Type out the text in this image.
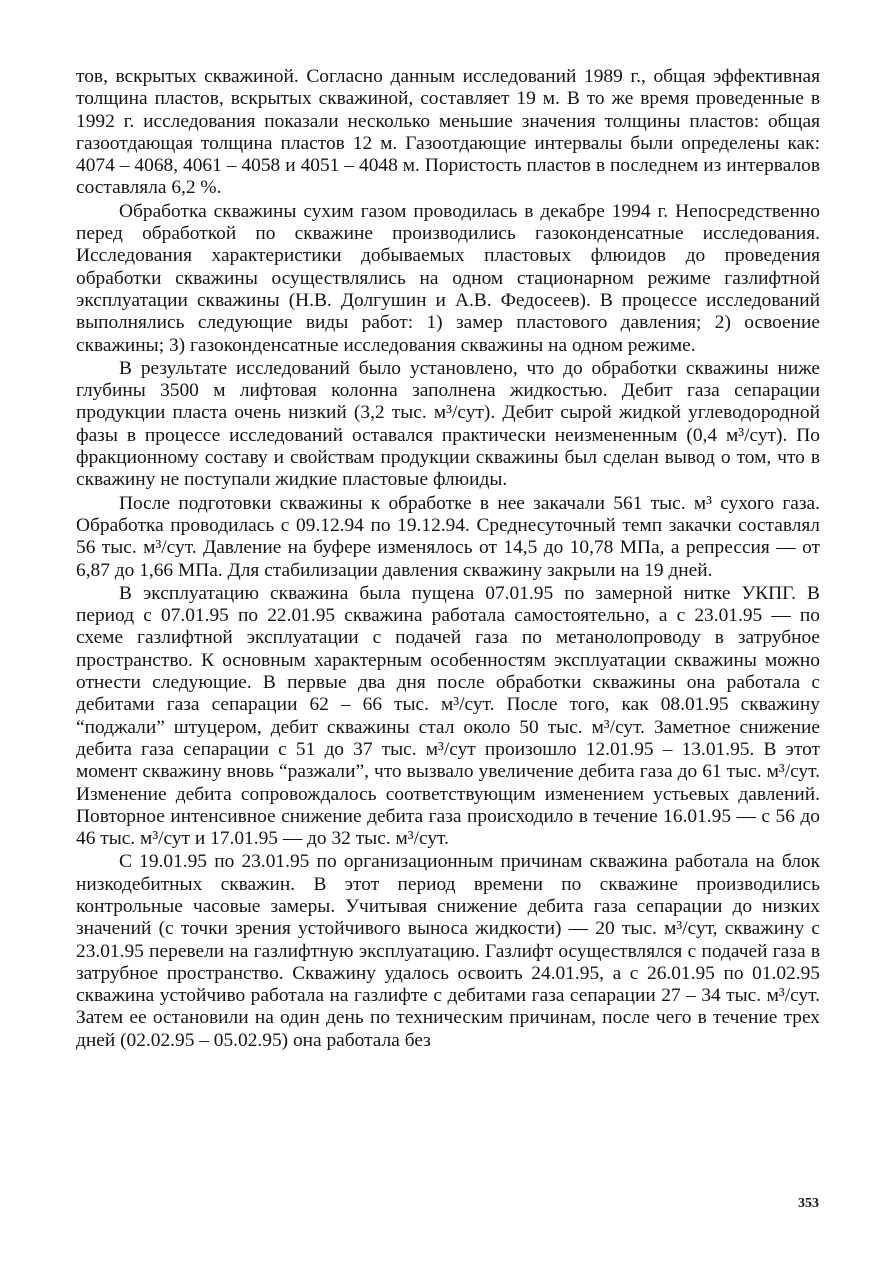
тов, вскрытых скважиной. Согласно данным исследований 1989 г., общая эффективная толщина пластов, вскрытых скважиной, составляет 19 м. В то же время проведенные в 1992 г. исследования показали несколько меньшие значения толщины пластов: общая газоотдающая толщина пластов 12 м. Газоотдающие интервалы были определены как: 4074 – 4068, 4061 – 4058 и 4051 – 4048 м. Пористость пластов в последнем из интервалов составляла 6,2 %.

Обработка скважины сухим газом проводилась в декабре 1994 г. Непосредственно перед обработкой по скважине производились газоконденсатные исследования. Исследования характеристики добываемых пластовых флюидов до проведения обработки скважины осуществлялись на одном стационарном режиме газлифтной эксплуатации скважины (Н.В. Долгушин и А.В. Федосеев). В процессе исследований выполнялись следующие виды работ: 1) замер пластового давления; 2) освоение скважины; 3) газоконденсатные исследования скважины на одном режиме.

В результате исследований было установлено, что до обработки скважины ниже глубины 3500 м лифтовая колонна заполнена жидкостью. Дебит газа сепарации продукции пласта очень низкий (3,2 тыс. м³/сут). Дебит сырой жидкой углеводородной фазы в процессе исследований оставался практически неизмененным (0,4 м³/сут). По фракционному составу и свойствам продукции скважины был сделан вывод о том, что в скважину не поступали жидкие пластовые флюиды.

После подготовки скважины к обработке в нее закачали 561 тыс. м³ сухого газа. Обработка проводилась с 09.12.94 по 19.12.94. Среднесуточный темп закачки составлял 56 тыс. м³/сут. Давление на буфере изменялось от 14,5 до 10,78 МПа, а репрессия — от 6,87 до 1,66 МПа. Для стабилизации давления скважину закрыли на 19 дней.

В эксплуатацию скважина была пущена 07.01.95 по замерной нитке УКПГ. В период с 07.01.95 по 22.01.95 скважина работала самостоятельно, а с 23.01.95 — по схеме газлифтной эксплуатации с подачей газа по метанолопроводу в затрубное пространство. К основным характерным особенностям эксплуатации скважины можно отнести следующие. В первые два дня после обработки скважины она работала с дебитами газа сепарации 62 – 66 тыс. м³/сут. После того, как 08.01.95 скважину “поджали” штуцером, дебит скважины стал около 50 тыс. м³/сут. Заметное снижение дебита газа сепарации с 51 до 37 тыс. м³/сут произошло 12.01.95 – 13.01.95. В этот момент скважину вновь “разжали”, что вызвало увеличение дебита газа до 61 тыс. м³/сут. Изменение дебита сопровождалось соответствующим изменением устьевых давлений. Повторное интенсивное снижение дебита газа происходило в течение 16.01.95 — с 56 до 46 тыс. м³/сут и 17.01.95 — до 32 тыс. м³/сут.

С 19.01.95 по 23.01.95 по организационным причинам скважина работала на блок низкодебитных скважин. В этот период времени по скважине производились контрольные часовые замеры. Учитывая снижение дебита газа сепарации до низких значений (с точки зрения устойчивого выноса жидкости) — 20 тыс. м³/сут, скважину с 23.01.95 перевели на газлифтную эксплуатацию. Газлифт осуществлялся с подачей газа в затрубное пространство. Скважину удалось освоить 24.01.95, а с 26.01.95 по 01.02.95 скважина устойчиво работала на газлифте с дебитами газа сепарации 27 – 34 тыс. м³/сут. Затем ее остановили на один день по техническим причинам, после чего в течение трех дней (02.02.95 – 05.02.95) она работала без

353
